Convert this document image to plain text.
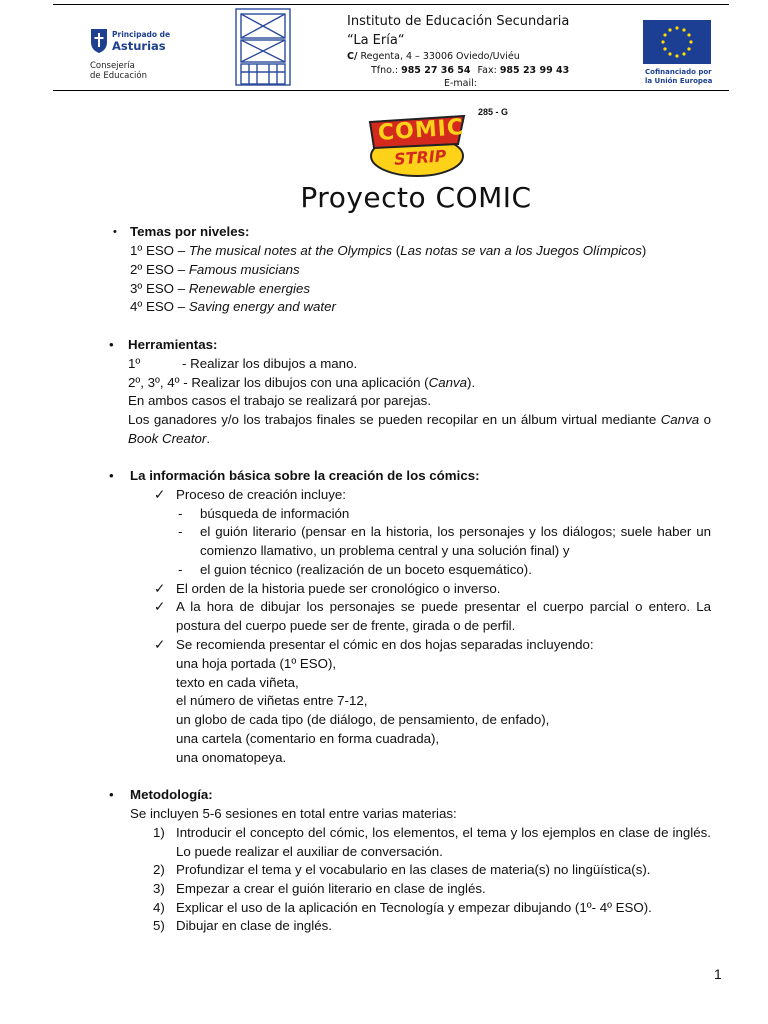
Principado de
Asturias
Consejería
de Educación
Instituto de Educación Secundaria
“La Ería“
C/ Regenta, 4 – 33006 Oviedo/Uviéu
Tfno.: 985 27 36 54 Fax: 985 23 99 43
E-mail:
Cofinanciado por
la Unión Europea
COMIC
STRIP
285 - G
Proyecto COMIC
• Temas por niveles:
1º ESO – The musical notes at the Olympics (Las notas se van a los Juegos Olímpicos)
2º ESO – Famous musicians
3º ESO – Renewable energies
4º ESO – Saving energy and water
• Herramientas:
1º	- Realizar los dibujos a mano.
2º, 3º, 4º - Realizar los dibujos con una aplicación (Canva).
En ambos casos el trabajo se realizará por parejas.
Los ganadores y/o los trabajos finales se pueden recopilar en un álbum virtual mediante Canva o Book Creator.
• La información básica sobre la creación de los cómics:
✓ Proceso de creación incluye:
- búsqueda de información
- el guión literario (pensar en la historia, los personajes y los diálogos; suele haber un comienzo llamativo, un problema central y una solución final) y
- el guion técnico (realización de un boceto esquemático).
✓ El orden de la historia puede ser cronológico o inverso.
✓ A la hora de dibujar los personajes se puede presentar el cuerpo parcial o entero. La postura del cuerpo puede ser de frente, girada o de perfil.
✓ Se recomienda presentar el cómic en dos hojas separadas incluyendo:
una hoja portada (1º ESO),
texto en cada viñeta,
el número de viñetas entre 7-12,
un globo de cada tipo (de diálogo, de pensamiento, de enfado),
una cartela (comentario en forma cuadrada),
una onomatopeya.
• Metodología:
Se incluyen 5-6 sesiones en total entre varias materias:
1) Introducir el concepto del cómic, los elementos, el tema y los ejemplos en clase de inglés. Lo puede realizar el auxiliar de conversación.
2) Profundizar el tema y el vocabulario en las clases de materia(s) no lingüística(s).
3) Empezar a crear el guión literario en clase de inglés.
4) Explicar el uso de la aplicación en Tecnología y empezar dibujando (1º- 4º ESO).
5) Dibujar en clase de inglés.
1
